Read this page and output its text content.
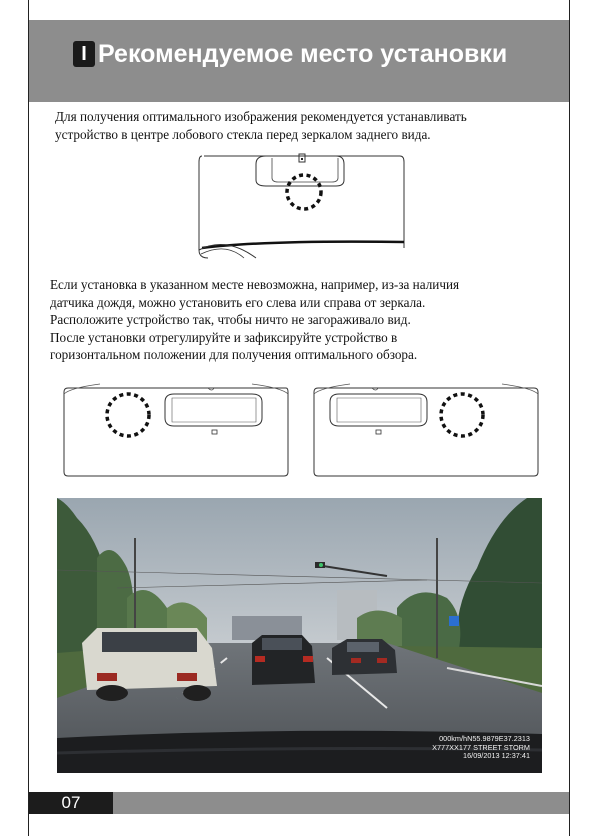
I Рекомендуемое место установки

Для получения оптимального изображения рекомендуется устанавливать

устройство в центре лобового стекла перед зеркалом заднего вида.

Если установка в указанном месте невозможна, например, из-за наличия

датчика дождя, можно установить его слева или справа от зеркала.

Расположите устройство так, чтобы ничто не загораживало вид.

После установки отрегулируйте и зафиксируйте устройство в

горизонтальном положении для получения оптимального обзора.

000km/hN55.9879E37.2313
X777XX177 STREET STORM
16/09/2013 12:37:41
07
